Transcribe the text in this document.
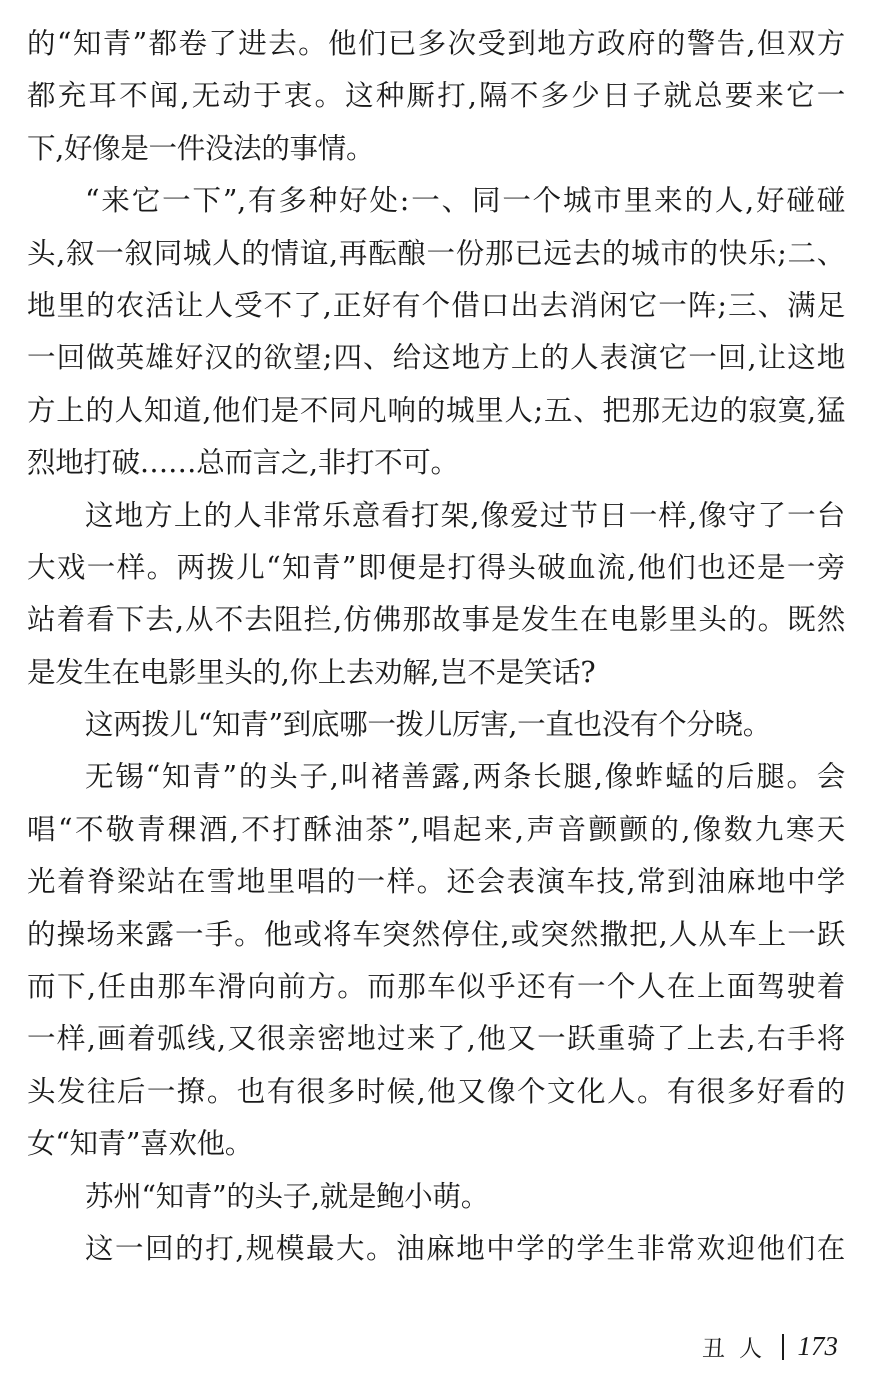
的“知青”都卷了进去。他们已多次受到地方政府的警告,但双方
都充耳不闻,无动于衷。这种厮打,隔不多少日子就总要来它一
下,好像是一件没法的事情。
“来它一下”,有多种好处:一、同一个城市里来的人,好碰碰
头,叙一叙同城人的情谊,再酝酿一份那已远去的城市的快乐;二、
地里的农活让人受不了,正好有个借口出去消闲它一阵;三、满足
一回做英雄好汉的欲望;四、给这地方上的人表演它一回,让这地
方上的人知道,他们是不同凡响的城里人;五、把那无边的寂寞,猛
烈地打破……总而言之,非打不可。
这地方上的人非常乐意看打架,像爱过节日一样,像守了一台
大戏一样。两拨儿“知青”即便是打得头破血流,他们也还是一旁
站着看下去,从不去阻拦,仿佛那故事是发生在电影里头的。既然
是发生在电影里头的,你上去劝解,岂不是笑话?
这两拨儿“知青”到底哪一拨儿厉害,一直也没有个分晓。
无锡“知青”的头子,叫褚善露,两条长腿,像蚱蜢的后腿。会
唱“不敬青稞酒,不打酥油茶”,唱起来,声音颤颤的,像数九寒天
光着脊梁站在雪地里唱的一样。还会表演车技,常到油麻地中学
的操场来露一手。他或将车突然停住,或突然撒把,人从车上一跃
而下,任由那车滑向前方。而那车似乎还有一个人在上面驾驶着
一样,画着弧线,又很亲密地过来了,他又一跃重骑了上去,右手将
头发往后一撩。也有很多时候,他又像个文化人。有很多好看的
女“知青”喜欢他。
苏州“知青”的头子,就是鲍小萌。
这一回的打,规模最大。油麻地中学的学生非常欢迎他们在
丑人 173
